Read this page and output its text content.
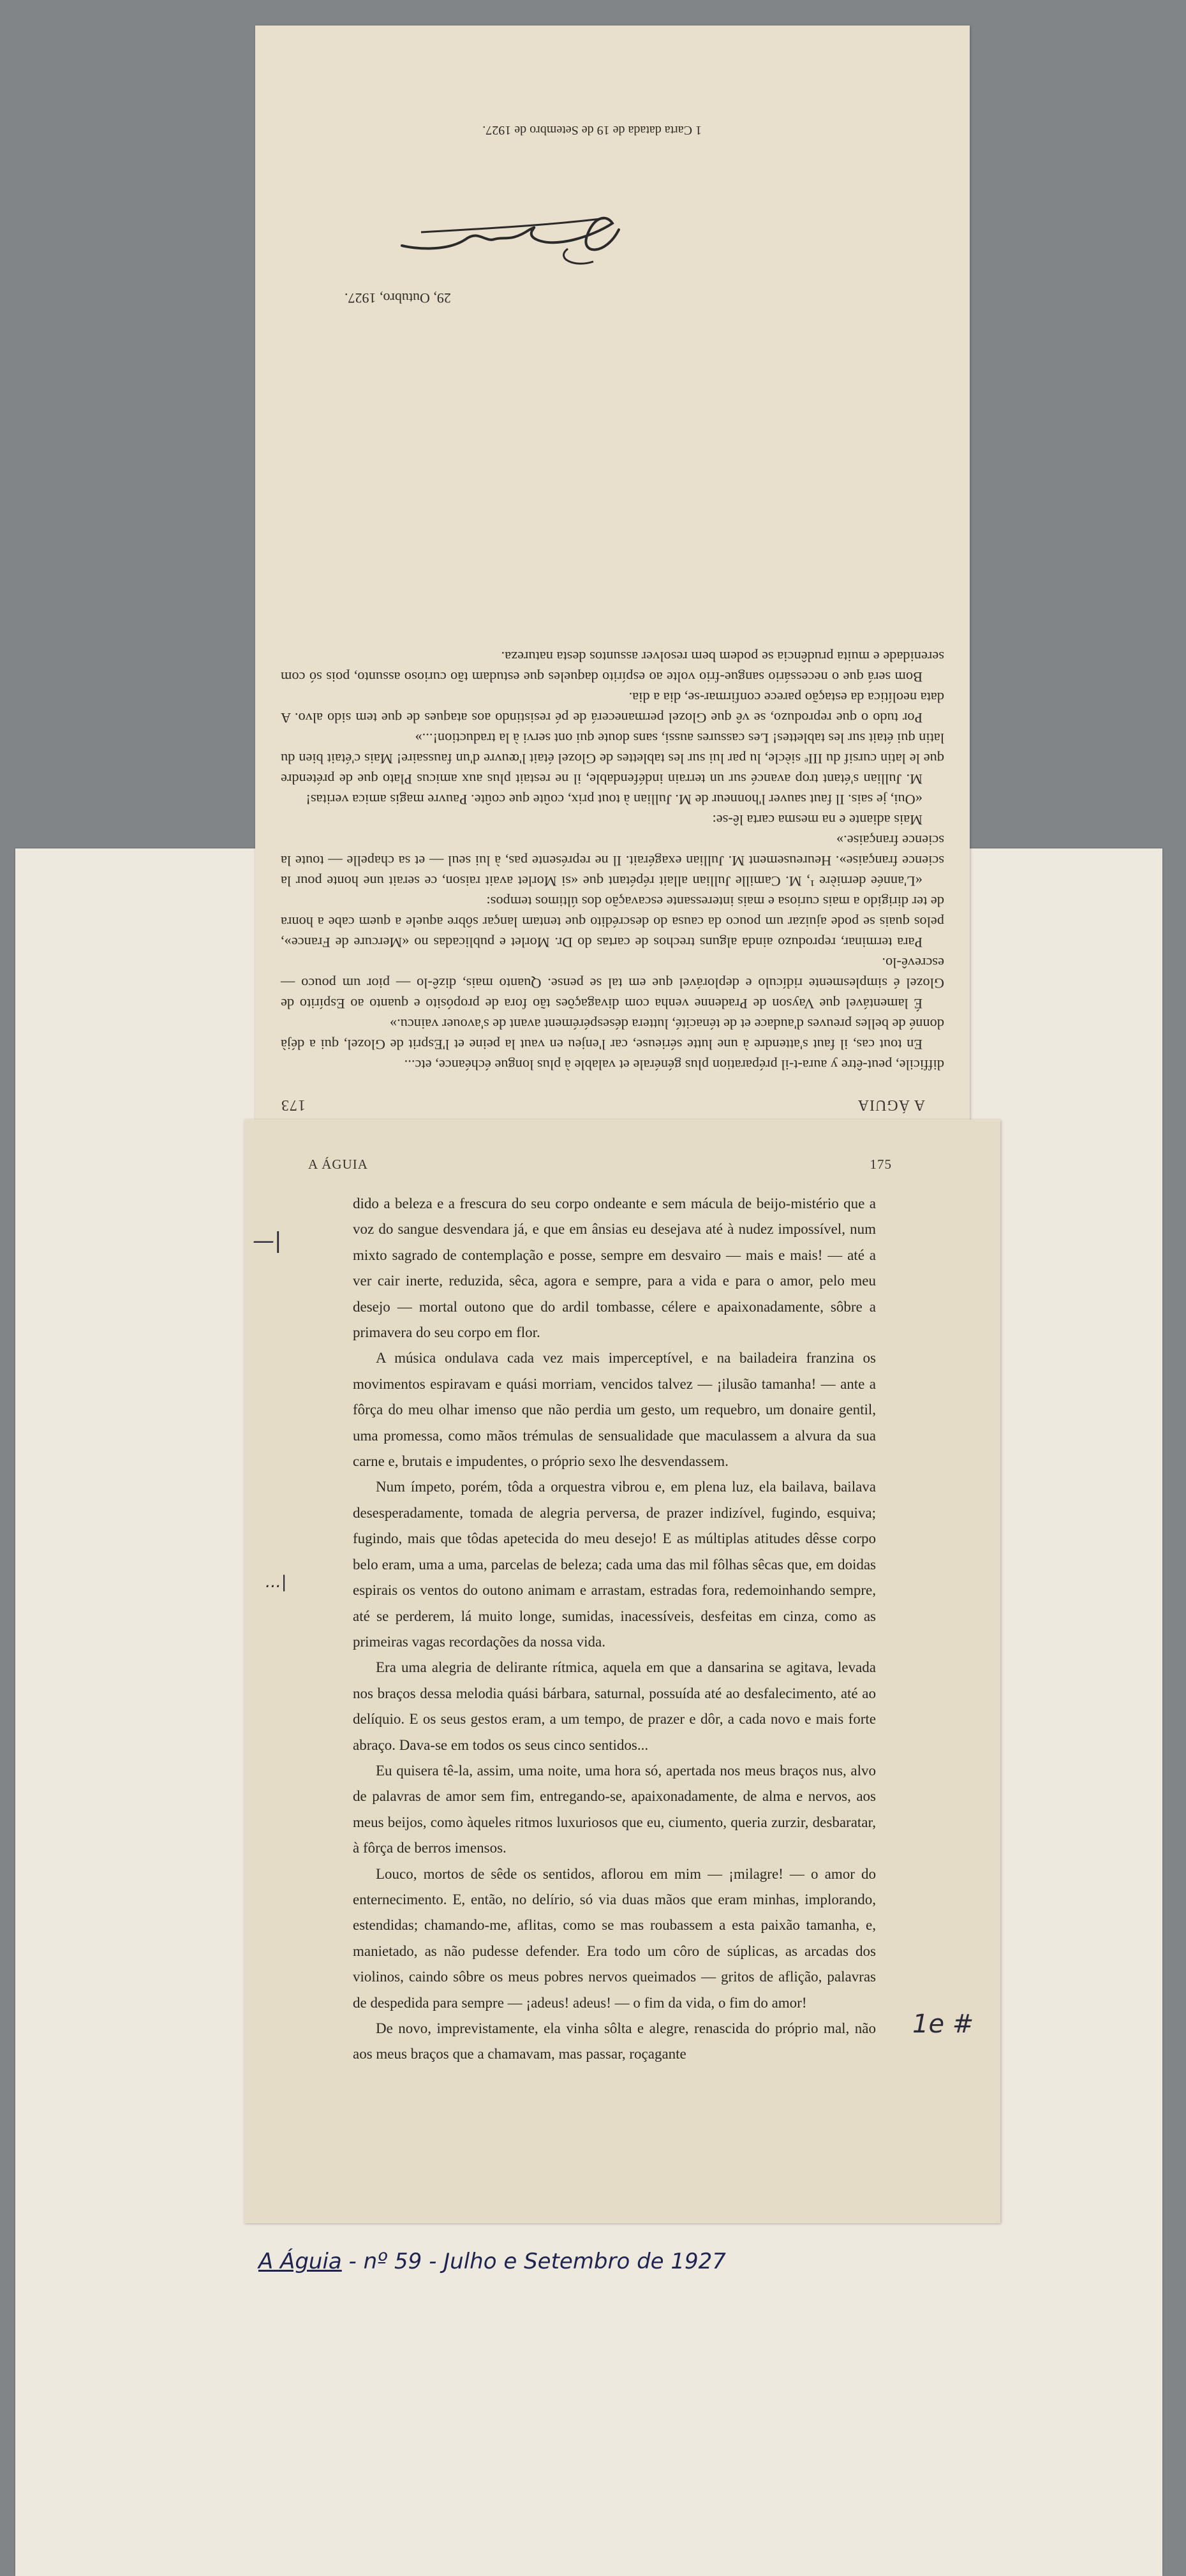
A ÁGUIA
173

difficile, peut-être y aura-t-il préparation plus générale et valable à plus longue échéance, etc...

En tout cas, il faut s'attendre à une lutte sérieuse, car l'enjeu en vaut la peine et l'Esprit de Glozel, qui a déjà donné de belles preuves d'audace et de ténacité, luttera désespérément avant de s'avouer vaincu.»

É lamentável que Vayson de Pradenne venha com divagações tão fora de propósito e quanto ao Espírito de Glozel é simplesmente ridículo e deplorável que em tal se pense. Quanto mais, dizê-lo — pior um pouco — escrevê-lo.

Para terminar, reproduzo ainda alguns trechos de cartas do Dr. Morlet e publicadas no «Mercure de France», pelos quais se pode ajuizar um pouco da causa do descrédito que tentam lançar sôbre aquele a quem cabe a honra de ter dirigido a mais curiosa e mais interessante escavação dos últimos tempos:

«L'année dernière ¹, M. Camille Jullian allait répétant que «si Morlet avait raison, ce serait une honte pour la science française». Heureusement M. Jullian exagérait. Il ne représente pas, à lui seul — et sa chapelle — toute la science française.»

Mais adiante e na mesma carta lê-se:

«Oui, je sais. Il faut sauver l'honneur de M. Jullian à tout prix, coûte que coûte. Pauvre magis amica veritas!

M. Jullian s'étant trop avancé sur un terrain indéfendable, il ne restait plus aux amicus Plato que de prétendre que le latin cursif du IIIᵉ siècle, lu par lui sur les tablettes de Glozel était l'œuvre d'un faussaire! Mais c'était bien du latin qui était sur les tablettes! Les cassures aussi, sans doute qui ont servi à la traduction!...»

Por tudo o que reproduzo, se vê que Glozel permanecerá de pé resistindo aos ataques de que tem sido alvo. A data neolítica da estação parece confirmar-se, dia a dia.

Bom será que o necessário sangue-frio volte ao espírito daqueles que estudam tão curioso assunto, pois só com serenidade e muita prudência se podem bem resolver assuntos desta natureza.

29, Outubro, 1927.
1 Carta datada de 19 de Setembro de 1927.
A ÁGUIA	175

dido a beleza e a frescura do seu corpo ondeante e sem mácula de beijo-mistério que a voz do sangue desvendara já, e que em ânsias eu desejava até à nudez impossível, num mixto sagrado de contemplação e posse, sempre em desvairo — mais e mais! — até a ver cair inerte, reduzida, sêca, agora e sempre, para a vida e para o amor, pelo meu desejo — mortal outono que do ardil tombasse, célere e apaixonadamente, sôbre a primavera do seu corpo em flor.

A música ondulava cada vez mais imperceptível, e na bailadeira franzina os movimentos espiravam e quási morriam, vencidos talvez — ¡ilusão tamanha! — ante a fôrça do meu olhar imenso que não perdia um gesto, um requebro, um donaire gentil, uma promessa, como mãos trémulas de sensualidade que maculassem a alvura da sua carne e, brutais e impudentes, o próprio sexo lhe desvendassem.

Num ímpeto, porém, tôda a orquestra vibrou e, em plena luz, ela bailava, bailava desesperadamente, tomada de alegria perversa, de prazer indizível, fugindo, esquiva; fugindo, mais que tôdas apetecida do meu desejo! E as múltiplas atitudes dêsse corpo belo eram, uma a uma, parcelas de beleza; cada uma das mil fôlhas sêcas que, em doidas espirais os ventos do outono animam e arrastam, estradas fora, redemoinhando sempre, até se perderem, lá muito longe, sumidas, inacessíveis, desfeitas em cinza, como as primeiras vagas recordações da nossa vida.

Era uma alegria de delirante rítmica, aquela em que a dansarina se agitava, levada nos braços dessa melodia quási bárbara, saturnal, possuída até ao desfalecimento, até ao delíquio. E os seus gestos eram, a um tempo, de prazer e dôr, a cada novo e mais forte abraço. Dava-se em todos os seus cinco sentidos...

Eu quisera tê-la, assim, uma noite, uma hora só, apertada nos meus braços nus, alvo de palavras de amor sem fim, entregando-se, apaixonadamente, de alma e nervos, aos meus beijos, como àqueles ritmos luxuriosos que eu, ciumento, queria zurzir, desbaratar, à fôrça de berros imensos.

Louco, mortos de sêde os sentidos, aflorou em mim — ¡milagre! — o amor do enternecimento. E, então, no delírio, só via duas mãos que eram minhas, implorando, estendidas; chamando-me, aflitas, como se mas roubassem a esta paixão tamanha, e, manietado, as não pudesse defender. Era todo um côro de súplicas, as arcadas dos violinos, caindo sôbre os meus pobres nervos queimados — gritos de aflição, palavras de despedida para sempre — ¡adeus! adeus! — o fim da vida, o fim do amor!

De novo, imprevistamente, ela vinha sôlta e alegre, renascida do próprio mal, não aos meus braços que a chamavam, mas passar, roçagante

—|
...|
1e #
A Águia - nº 59 - Julho e Setembro de 1927
